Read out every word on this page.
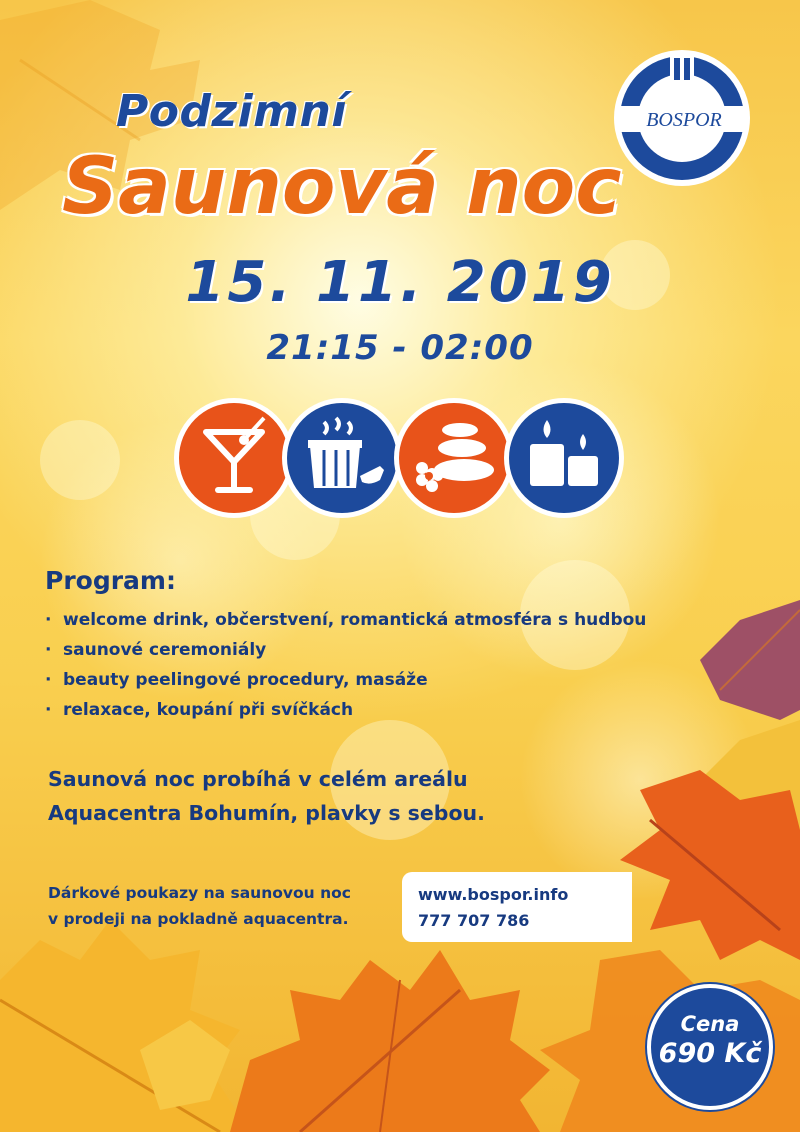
BOSPOR
Podzimní
Saunová noc
15. 11. 2019
21:15 - 02:00
Program:
· welcome drink, občerstvení, romantická atmosféra s hudbou
· saunové ceremoniály
· beauty peelingové procedury, masáže
· relaxace, koupání při svíčkách
Saunová noc probíhá v celém areálu
Aquacentra Bohumín, plavky s sebou.
Dárkové poukazy na saunovou noc
v prodeji na pokladně aquacentra.
www.bospor.info
777 707 786
Cena
690 Kč
